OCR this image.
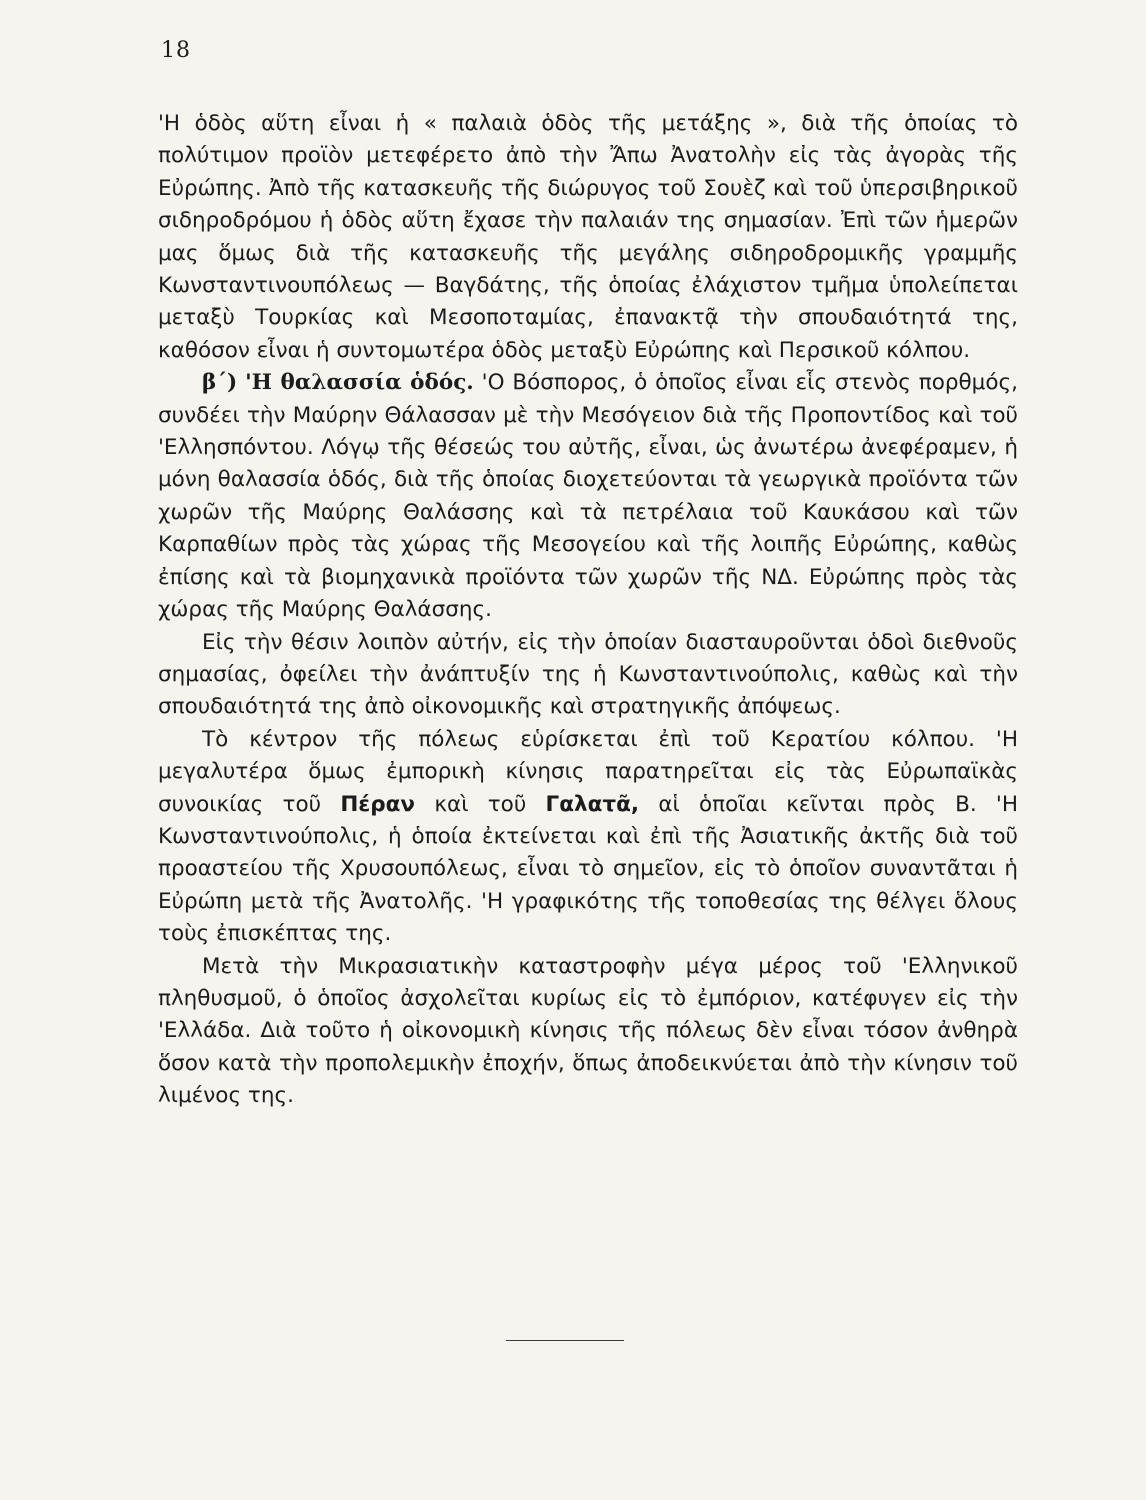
18

'Η ὁδὸς αὕτη εἶναι ἡ « παλαιὰ ὁδὸς τῆς μετάξης », διὰ τῆς ὁποίας τὸ πολύτιμον προϊὸν μετεφέρετο ἀπὸ τὴν Ἄπω Ἀνατολὴν εἰς τὰς ἀγορὰς τῆς Εὐρώπης. Ἀπὸ τῆς κατασκευῆς τῆς διώρυγος τοῦ Σουὲζ καὶ τοῦ ὑπερσιβηρικοῦ σιδηροδρόμου ἡ ὁδὸς αὕτη ἔχασε τὴν παλαιάν της σημασίαν. Ἐπὶ τῶν ἡμερῶν μας ὅμως διὰ τῆς κατασκευῆς τῆς μεγάλης σιδηροδρομικῆς γραμμῆς Κωνσταντινουπόλεως — Βαγδάτης, τῆς ὁποίας ἐλάχιστον τμῆμα ὑπολείπεται μεταξὺ Τουρκίας καὶ Μεσοποταμίας, ἐπανακτᾷ τὴν σπουδαιότητά της, καθόσον εἶναι ἡ συντομωτέρα ὁδὸς μεταξὺ Εὐρώπης καὶ Περσικοῦ κόλπου.

β΄) 'Η θαλασσία ὁδός. 'Ο Βόσπορος, ὁ ὁποῖος εἶναι εἷς στενὸς πορθμός, συνδέει τὴν Μαύρην Θάλασσαν μὲ τὴν Μεσόγειον διὰ τῆς Προποντίδος καὶ τοῦ 'Ελλησπόντου. Λόγῳ τῆς θέσεώς του αὐτῆς, εἶναι, ὡς ἀνωτέρω ἀνεφέραμεν, ἡ μόνη θαλασσία ὁδός, διὰ τῆς ὁποίας διοχετεύονται τὰ γεωργικὰ προϊόντα τῶν χωρῶν τῆς Μαύρης Θαλάσσης καὶ τὰ πετρέλαια τοῦ Καυκάσου καὶ τῶν Καρπαθίων πρὸς τὰς χώρας τῆς Μεσογείου καὶ τῆς λοιπῆς Εὐρώπης, καθὼς ἐπίσης καὶ τὰ βιομηχανικὰ προϊόντα τῶν χωρῶν τῆς ΝΔ. Εὐρώπης πρὸς τὰς χώρας τῆς Μαύρης Θαλάσσης.

Εἰς τὴν θέσιν λοιπὸν αὐτήν, εἰς τὴν ὁποίαν διασταυροῦνται ὁδοὶ διεθνοῦς σημασίας, ὀφείλει τὴν ἀνάπτυξίν της ἡ Κωνσταντινούπολις, καθὼς καὶ τὴν σπουδαιότητά της ἀπὸ οἰκονομικῆς καὶ στρατηγικῆς ἀπόψεως.

Τὸ κέντρον τῆς πόλεως εὑρίσκεται ἐπὶ τοῦ Κερατίου κόλπου. 'Η μεγαλυτέρα ὅμως ἐμπορικὴ κίνησις παρατηρεῖται εἰς τὰς Εὐρωπαϊκὰς συνοικίας τοῦ Πέραν καὶ τοῦ Γαλατᾶ, αἱ ὁποῖαι κεῖνται πρὸς Β. 'Η Κωνσταντινούπολις, ἡ ὁποία ἐκτείνεται καὶ ἐπὶ τῆς Ἀσιατικῆς ἀκτῆς διὰ τοῦ προαστείου τῆς Χρυσουπόλεως, εἶναι τὸ σημεῖον, εἰς τὸ ὁποῖον συναντᾶται ἡ Εὐρώπη μετὰ τῆς Ἀνατολῆς. 'Η γραφικότης τῆς τοποθεσίας της θέλγει ὅλους τοὺς ἐπισκέπτας της.

Μετὰ τὴν Μικρασιατικὴν καταστροφὴν μέγα μέρος τοῦ 'Ελληνικοῦ πληθυσμοῦ, ὁ ὁποῖος ἀσχολεῖται κυρίως εἰς τὸ ἐμπόριον, κατέφυγεν εἰς τὴν 'Ελλάδα. Διὰ τοῦτο ἡ οἰκονομικὴ κίνησις τῆς πόλεως δὲν εἶναι τόσον ἀνθηρὰ ὅσον κατὰ τὴν προπολεμικὴν ἐποχήν, ὅπως ἀποδεικνύεται ἀπὸ τὴν κίνησιν τοῦ λιμένος της.
